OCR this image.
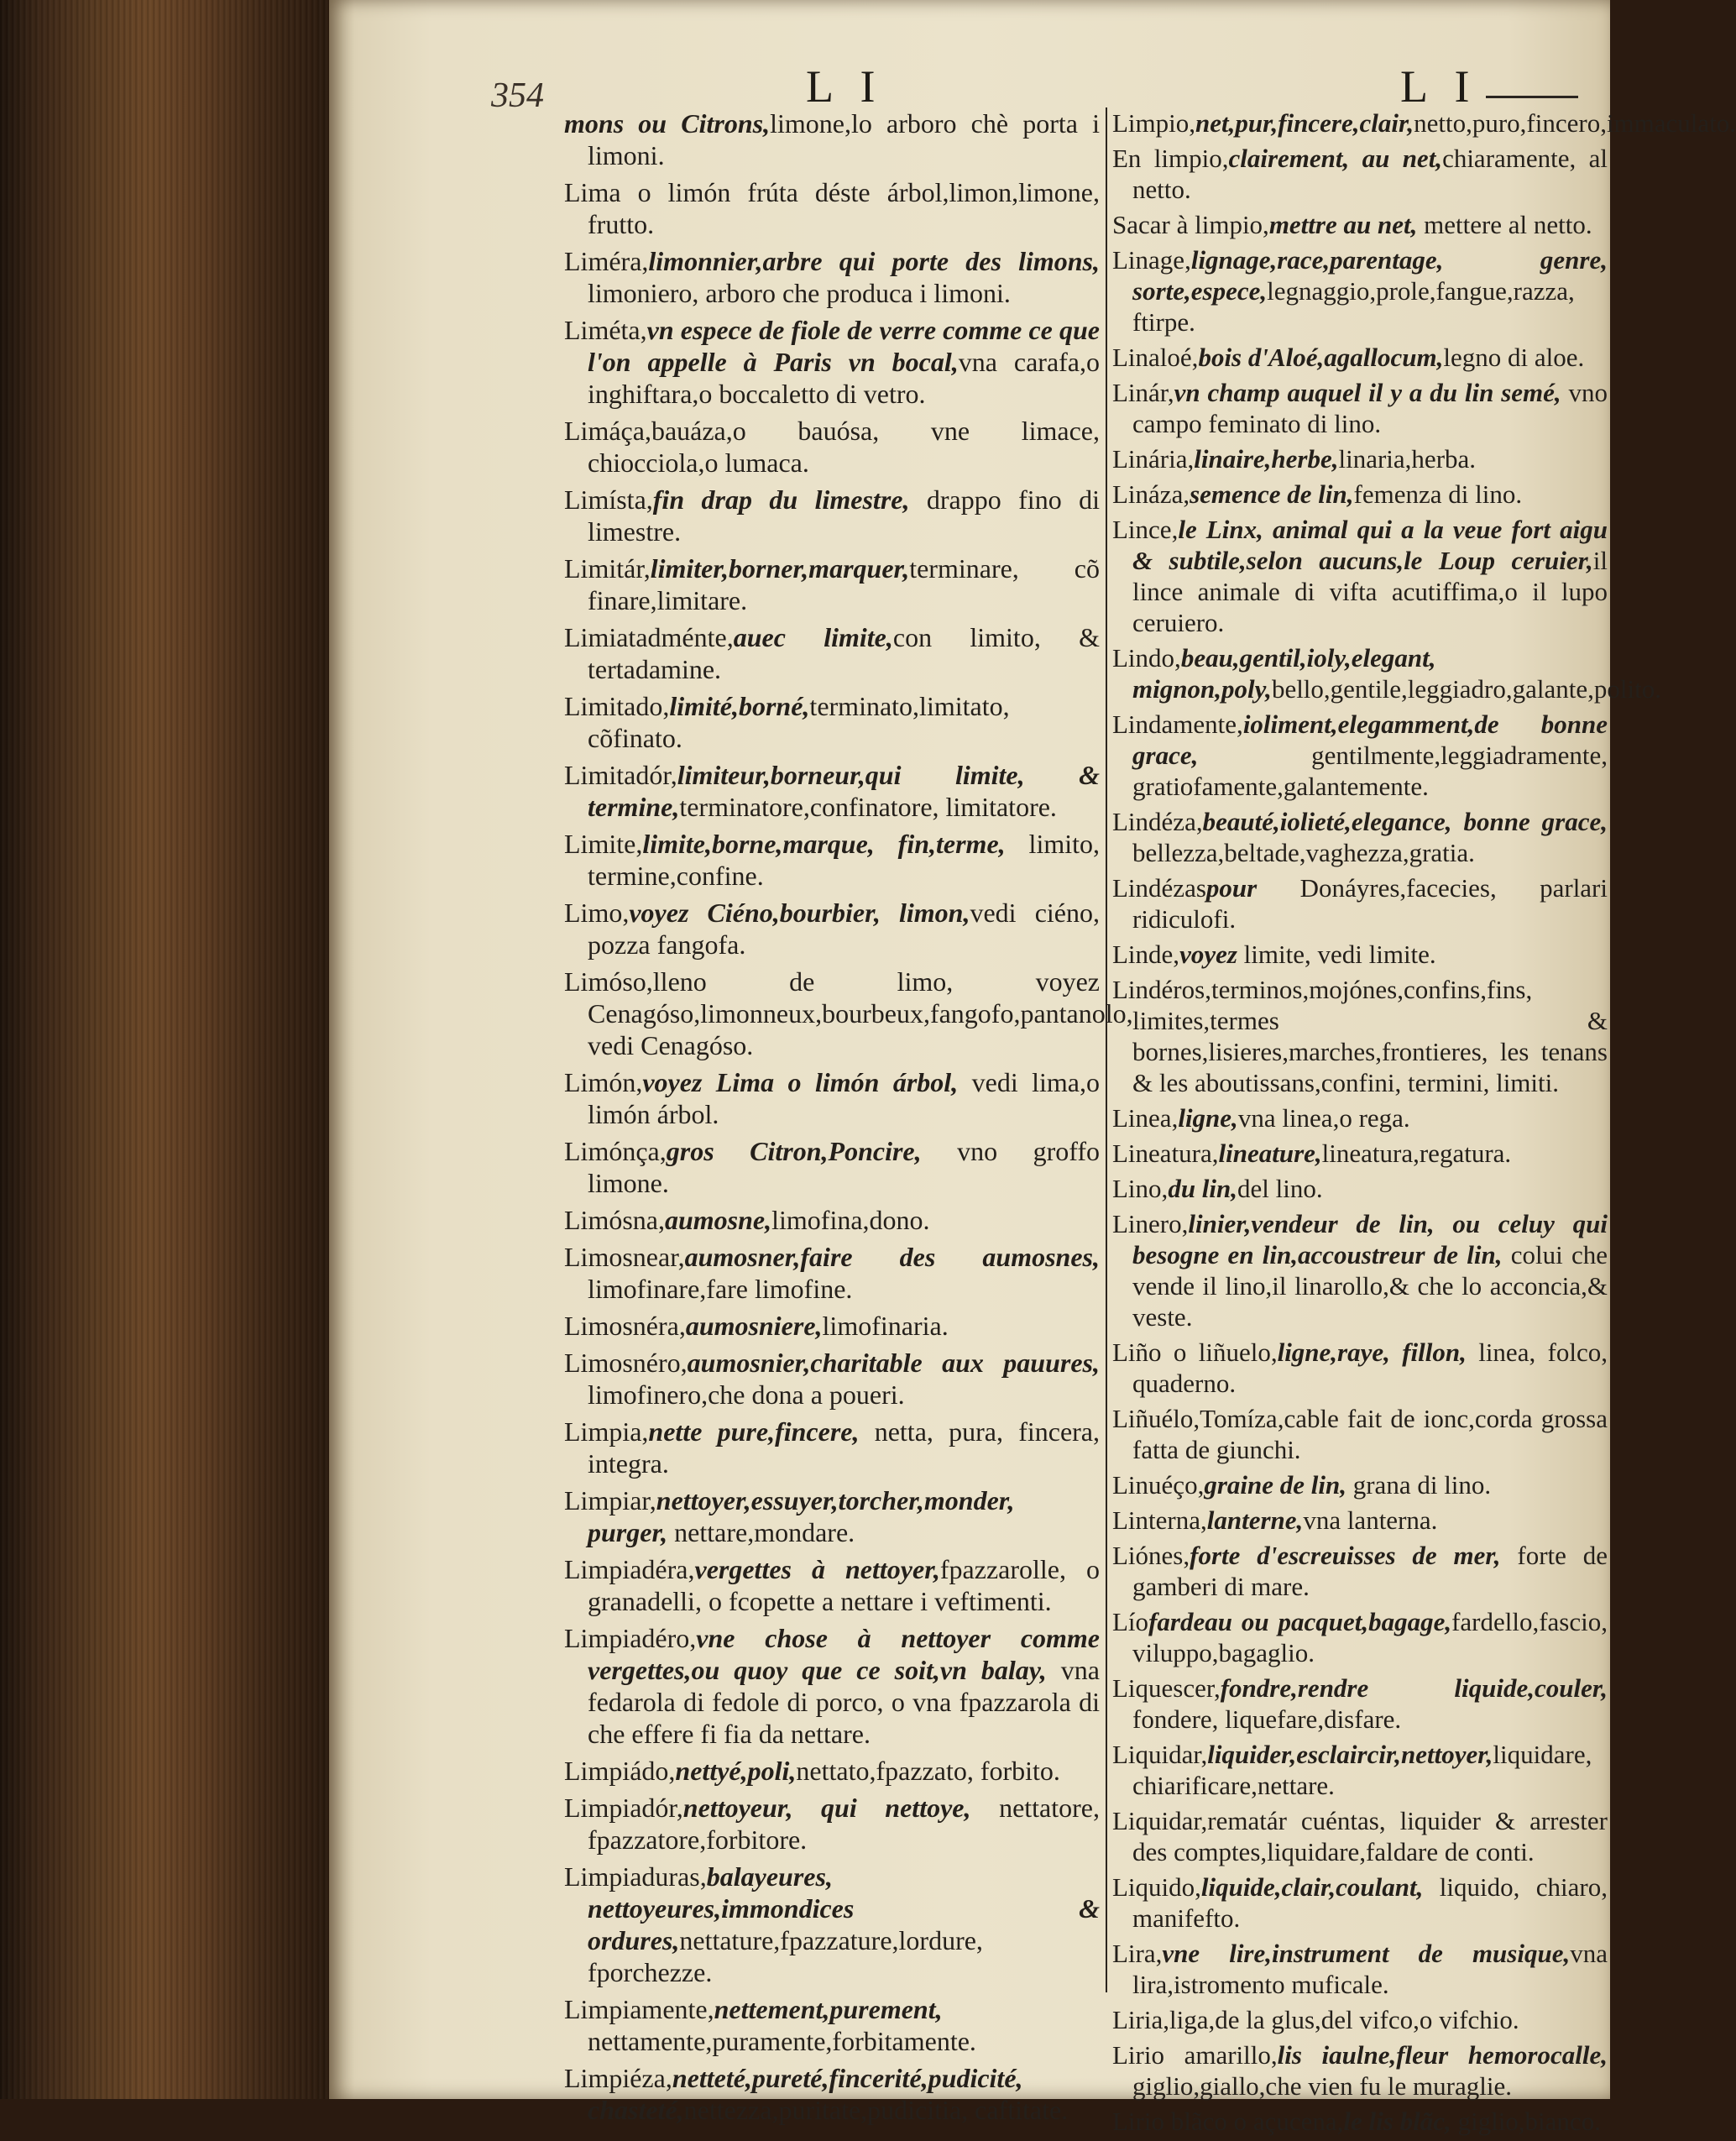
354	L I	L I

mons ou Citrons,limone,lo arboro chè porta i limoni.

Lima o limón frúta déste árbol,limon,limone, frutto.

Liméra,limonnier,arbre qui porte des limons, limoniero, arboro che produca i limoni.

Liméta,vn espece de fiole de verre comme ce que l'on appelle à Paris vn bocal,vna carafa,o inghiftara,o boccaletto di vetro.

Limáça,bauáza,o bauósa, vne limace, chiocciola,o lumaca.

Limísta,fin drap du limestre, drappo fino di limestre.

Limitár,limiter,borner,marquer,terminare, cõ finare,limitare.

Limiatadménte,auec limite,con limito, & tertadamine.

Limitado,limité,borné,terminato,limitato, cõfinato.

Limitadór,limiteur,borneur,qui limite, & termine,terminatore,confinatore, limitatore.

Limite,limite,borne,marque, fin,terme, limito, termine,confine.

Limo,voyez Ciéno,bourbier, limon,vedi ciéno, pozza fangofa.

Limóso,lleno de limo, voyez Cenagóso,limonneux,bourbeux,fangofo,pantanolo, vedi Cenagóso.

Limón,voyez Lima o limón árbol, vedi lima,o limón árbol.

Limónça,gros Citron,Poncire, vno groffo limone.

Limósna,aumosne,limofina,dono.

Limosnear,aumosner,faire des aumosnes, limofinare,fare limofine.

Limosnéra,aumosniere,limofinaria.

Limosnéro,aumosnier,charitable aux pauures, limofinero,che dona a poueri.

Limpia,nette pure,fincere, netta, pura, fincera, integra.

Limpiar,nettoyer,essuyer,torcher,monder, purger, nettare,mondare.

Limpiadéra,vergettes à nettoyer,fpazzarolle, o granadelli, o fcopette a nettare i veftimenti.

Limpiadéro,vne chose à nettoyer comme vergettes,ou quoy que ce soit,vn balay, vna fedarola di fedole di porco, o vna fpazzarola di che effere fi fia da nettare.

Limpiádo,nettyé,poli,nettato,fpazzato, forbito.

Limpiadór,nettoyeur, qui nettoye, nettatore, fpazzatore,forbitore.

Limpiaduras,balayeures, nettoyeures,immondices & ordures,nettature,fpazzature,lordure, fporchezze.

Limpiamente,nettement,purement, nettamente,puramente,forbitamente.

Limpiéza,netteté,pureté,fincerité,pudicité, chasteté,nettezza,puritate,pudicitia, caftitate.

Limpio,net,pur,fincere,clair,netto,puro,fincero,immaculato.

En limpio,clairement, au net,chiaramente, al netto.

Sacar à limpio,mettre au net, mettere al netto.

Linage,lignage,race,parentage, genre, sorte,espece,legnaggio,prole,fangue,razza, ftirpe.

Linaloé,bois d'Aloé,agallocum,legno di aloe.

Linár,vn champ auquel il y a du lin semé, vno campo feminato di lino.

Linária,linaire,herbe,linaria,herba.

Lináza,semence de lin,femenza di lino.

Lince,le Linx, animal qui a la veue fort aigu & subtile,selon aucuns,le Loup ceruier,il lince animale di vifta acutiffima,o il lupo ceruiero.

Lindo,beau,gentil,ioly,elegant, mignon,poly,bello,gentile,leggiadro,galante,polito.

Lindamente,ioliment,elegamment,de bonne grace, gentilmente,leggiadramente, gratiofamente,galantemente.

Lindéza,beauté,iolieté,elegance, bonne grace, bellezza,beltade,vaghezza,gratia.

Lindézaspour Donáyres,facecies, parlari ridiculofi.

Linde,voyez limite, vedi limite.

Lindéros,terminos,mojónes,confins,fins, limites,termes & bornes,lisieres,marches,frontieres, les tenans & les aboutissans,confini, termini, limiti.

Linea,ligne,vna linea,o rega.

Lineatura,lineature,lineatura,regatura.

Lino,du lin,del lino.

Linero,linier,vendeur de lin, ou celuy qui besogne en lin,accoustreur de lin, colui che vende il lino,il linarollo,& che lo acconcia,& veste.

Liño o liñuelo,ligne,raye, fillon, linea, folco, quaderno.

Liñuélo,Tomíza,cable fait de ionc,corda grossa fatta de giunchi.

Linuéço,graine de lin, grana di lino.

Linterna,lanterne,vna lanterna.

Liónes,forte d'escreuisses de mer, forte de gamberi di mare.

Líofardeau ou pacquet,bagage,fardello,fascio, viluppo,bagaglio.

Liquescer,fondre,rendre liquide,couler, fondere, liquefare,disfare.

Liquidar,liquider,esclaircir,nettoyer,liquidare, chiarificare,nettare.

Liquidar,rematár cuéntas, liquider & arrester des comptes,liquidare,faldare de conti.

Liquido,liquide,clair,coulant, liquido, chiaro, manifefto.

Lira,vne lire,instrument de musique,vna lira,istromento muficale.

Liria,liga,de la glus,del vifco,o vifchio.

Lirio amarillo,lis iaulne,fleur hemorocalle, giglio,giallo,che vien fu le muraglie.

Lirio blãco o açucena,le lis blãc, giglio,bianco.
